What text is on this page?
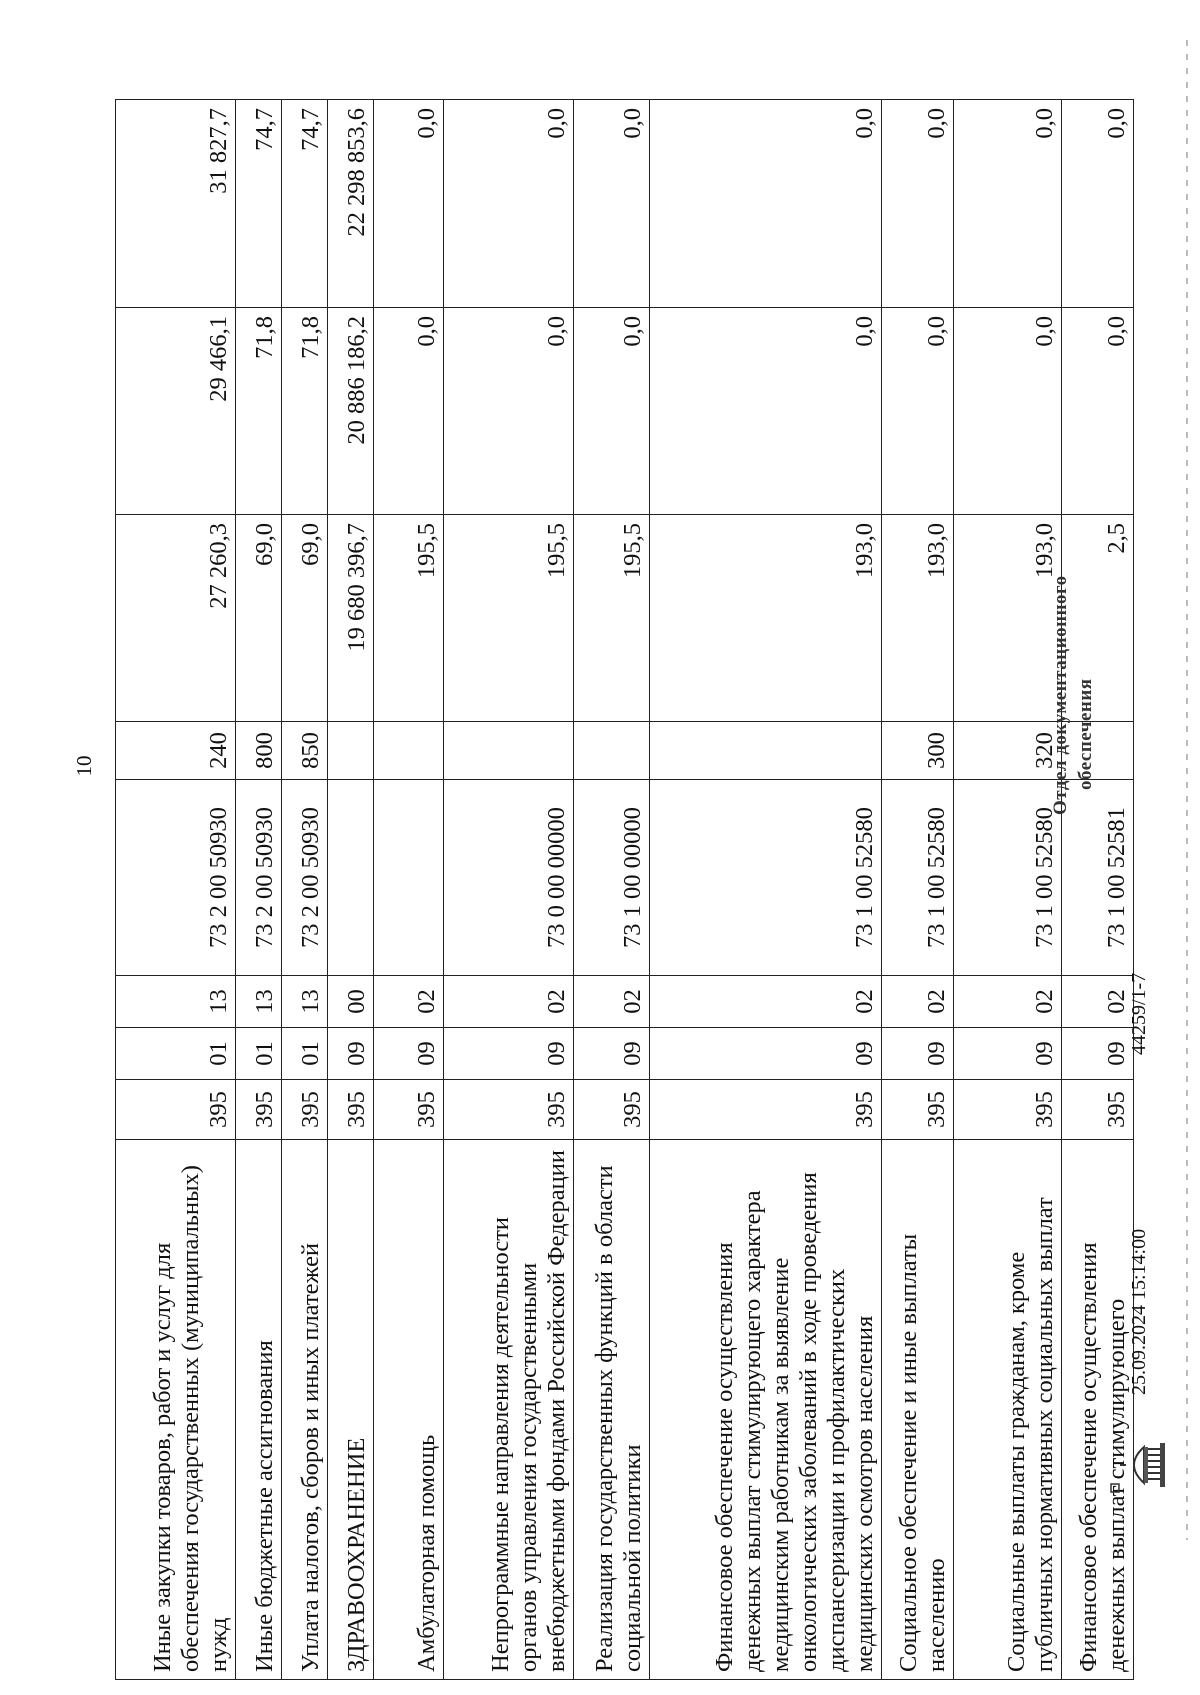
10
Иные закупки товаров, работ и услуг для обеспечения государственных (муниципальных) нужд	395	01	13	73 2 00 50930	240	27 260,3	29 466,1	31 827,7
Иные бюджетные ассигнования	395	01	13	73 2 00 50930	800	69,0	71,8	74,7
Уплата налогов, сборов и иных платежей	395	01	13	73 2 00 50930	850	69,0	71,8	74,7
ЗДРАВООХРАНЕНИЕ	395	09	00			19 680 396,7	20 886 186,2	22 298 853,6
Амбулаторная помощь	395	09	02			195,5	0,0	0,0
Непрограммные направления деятельности органов управления государственными внебюджетными фондами Российской Федерации	395	09	02	73 0 00 00000		195,5	0,0	0,0
Реализация государственных функций в области социальной политики	395	09	02	73 1 00 00000		195,5	0,0	0,0
Финансовое обеспечение осуществления денежных выплат стимулирующего характера медицинским работникам за выявление онкологических заболеваний в ходе проведения диспансеризации и профилактических медицинских осмотров населения	395	09	02	73 1 00 52580		193,0	0,0	0,0
Социальное обеспечение и иные выплаты населению	395	09	02	73 1 00 52580	300	193,0	0,0	0,0
Социальные выплаты гражданам, кроме публичных нормативных социальных выплат	395	09	02	73 1 00 52580	320	193,0	0,0	0,0
Финансовое обеспечение осуществления денежных выплат стимулирующего	395	09	02	73 1 00 52581		2,5	0,0	0,0
25.09.2024 15:14:00
44259/1-7
Отдел документационного обеспечения
